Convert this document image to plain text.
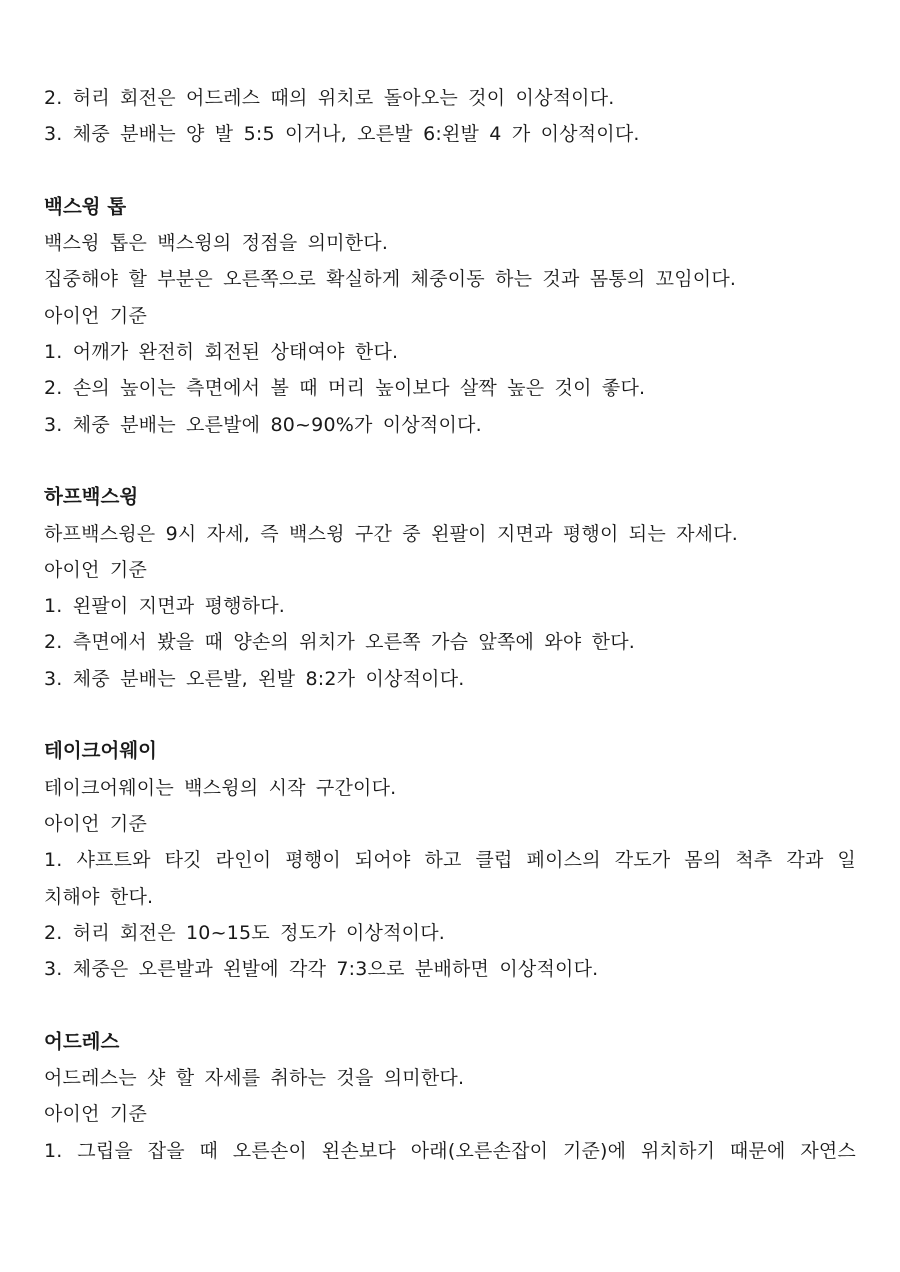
2. 허리 회전은 어드레스 때의 위치로 돌아오는 것이 이상적이다.
3. 체중 분배는 양 발 5:5 이거나, 오른발 6:왼발 4 가 이상적이다.
백스윙 톱
백스윙 톱은 백스윙의 정점을 의미한다.
집중해야 할 부분은 오른쪽으로 확실하게 체중이동 하는 것과 몸통의 꼬임이다.
아이언 기준
1. 어깨가 완전히 회전된 상태여야 한다.
2. 손의 높이는 측면에서 볼 때 머리 높이보다 살짝 높은 것이 좋다.
3. 체중 분배는 오른발에 80~90%가 이상적이다.
하프백스윙
하프백스윙은 9시 자세, 즉 백스윙 구간 중 왼팔이 지면과 평행이 되는 자세다.
아이언 기준
1. 왼팔이 지면과 평행하다.
2. 측면에서 봤을 때 양손의 위치가 오른쪽 가슴 앞쪽에 와야 한다.
3. 체중 분배는 오른발, 왼발 8:2가 이상적이다.
테이크어웨이
테이크어웨이는 백스윙의 시작 구간이다.
아이언 기준
1. 샤프트와 타깃 라인이 평행이 되어야 하고 클럽 페이스의 각도가 몸의 척추 각과 일
치해야 한다.
2. 허리 회전은 10~15도 정도가 이상적이다.
3. 체중은 오른발과 왼발에 각각 7:3으로 분배하면 이상적이다.
어드레스
어드레스는 샷 할 자세를 취하는 것을 의미한다.
아이언 기준
1. 그립을 잡을 때 오른손이 왼손보다 아래(오른손잡이 기준)에 위치하기 때문에 자연스
